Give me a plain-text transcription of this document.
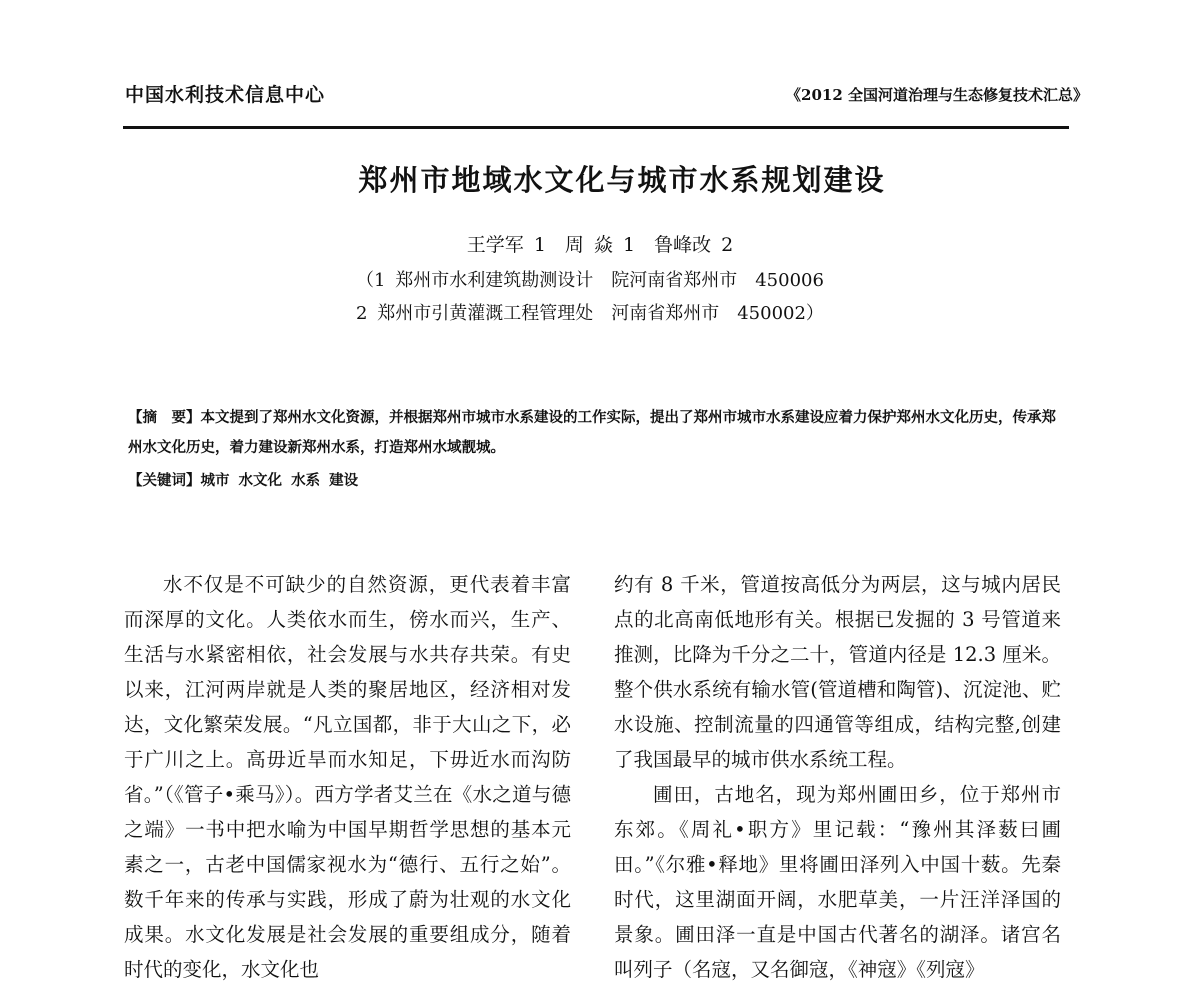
中国水利技术信息中心	《2012 全国河道治理与生态修复技术汇总》
郑州市地域水文化与城市水系规划建设
王学军 1　周 焱 1　鲁峰改 2
（1 郑州市水利建筑勘测设计　院河南省郑州市　450006
2 郑州市引黄灌溉工程管理处　河南省郑州市　450002）
【摘　要】本文提到了郑州水文化资源，并根据郑州市城市水系建设的工作实际，提出了郑州市城市水系建设应着力保护郑州水文化历史，传承郑州水文化历史，着力建设新郑州水系，打造郑州水域靓城。
【关键词】城市 水文化 水系 建设

水不仅是不可缺少的自然资源，更代表着丰富而深厚的文化。人类依水而生，傍水而兴，生产、生活与水紧密相依，社会发展与水共存共荣。有史以来，江河两岸就是人类的聚居地区，经济相对发达，文化繁荣发展。“凡立国都，非于大山之下，必于广川之上。高毋近旱而水知足，下毋近水而沟防省。”（《管子•乘马》）。西方学者艾兰在《水之道与德之端》一书中把水喻为中国早期哲学思想的基本元素之一，古老中国儒家视水为“德行、五行之始”。数千年来的传承与实践，形成了蔚为壮观的水文化成果。水文化发展是社会发展的重要组成分，随着时代的变化，水文化也

约有 8 千米，管道按高低分为两层，这与城内居民点的北高南低地形有关。根据已发掘的 3 号管道来推测，比降为千分之二十，管道内径是 12.3 厘米。整个供水系统有输水管(管道槽和陶管)、沉淀池、贮水设施、控制流量的四通管等组成，结构完整,创建了我国最早的城市供水系统工程。

圃田，古地名，现为郑州圃田乡，位于郑州市东郊。《周礼•职方》里记载：“豫州其泽薮曰圃田。”《尔雅•释地》里将圃田泽列入中国十薮。先秦时代，这里湖面开阔，水肥草美，一片汪洋泽国的景象。圃田泽一直是中国古代著名的湖泽。诸宫名叫列子（名寇，又名御寇，《神寇》《列寇》
